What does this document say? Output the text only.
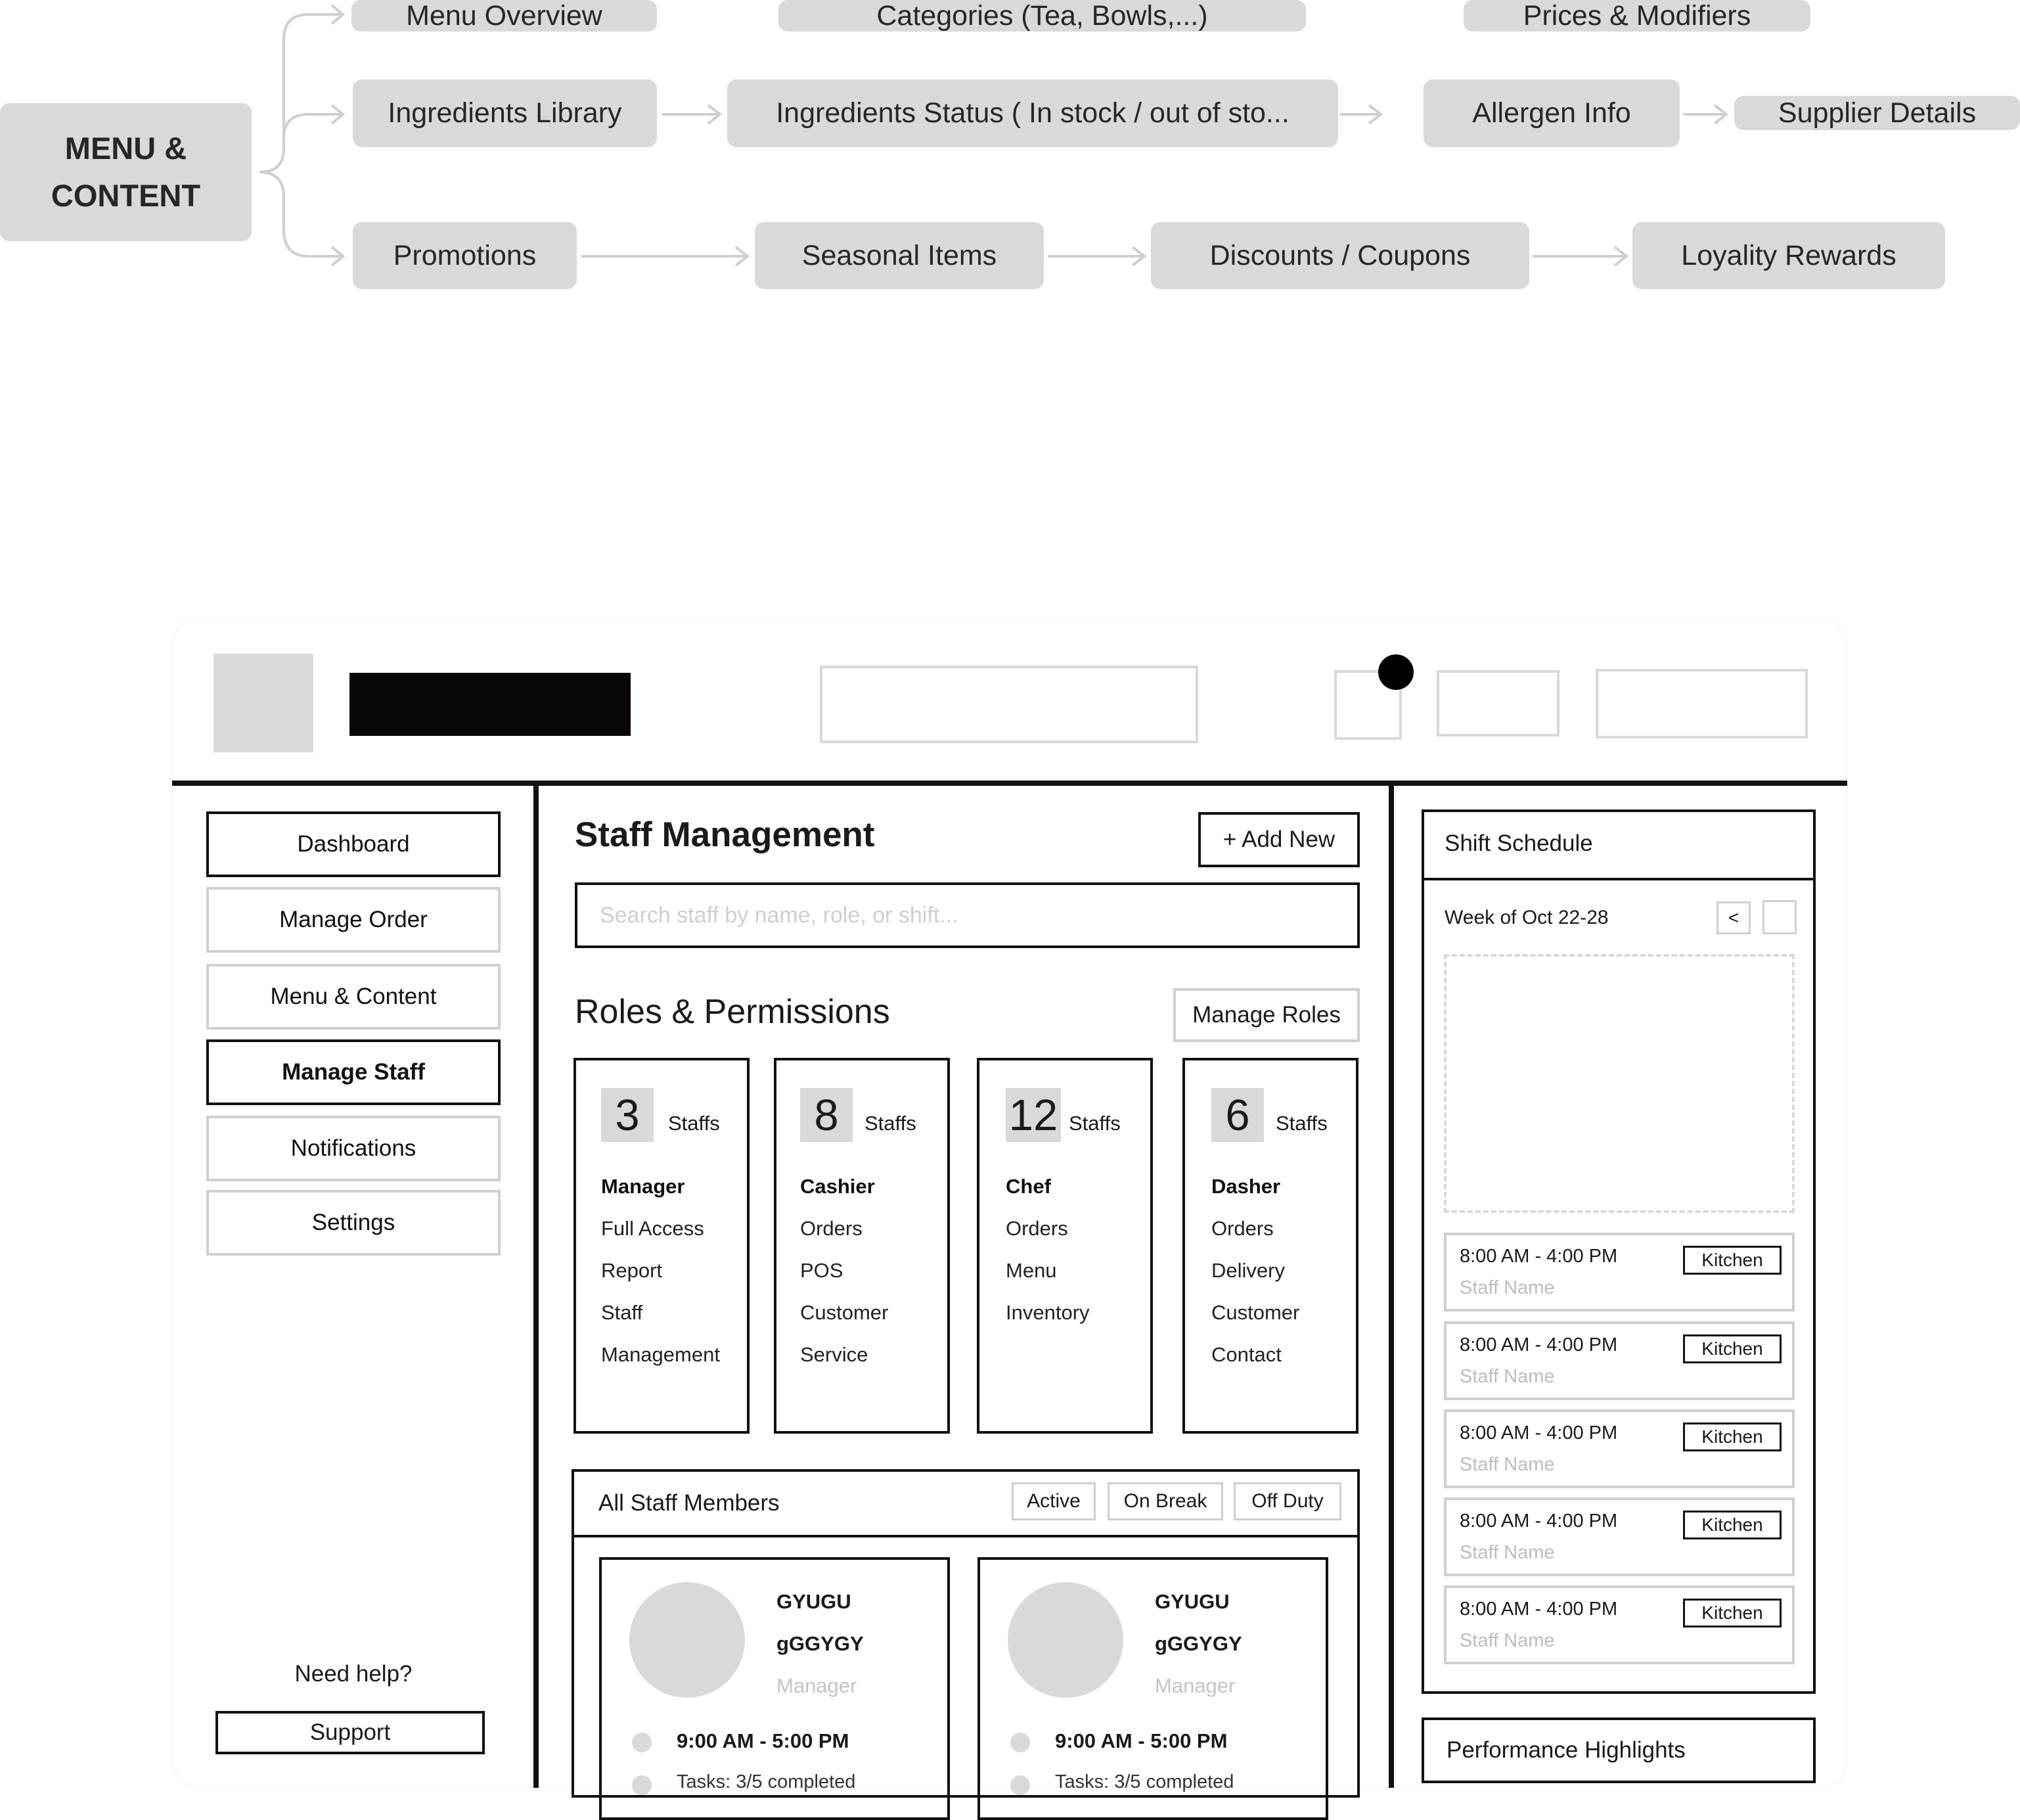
MENU & CONTENT
Menu Overview	Categories (Tea, Bowls,...)	Prices & Modifiers
Ingredients Library	Ingredients Status ( In stock / out of sto...	Allergen Info	Supplier Details
Promotions	Seasonal Items	Discounts / Coupons	Loyality Rewards
Dashboard
Manage Order
Menu & Content
Manage Staff
Notifications
Settings
Need help?
Support
Staff Management	+ Add New
Search staff by name, role, or shift...
Roles & Permissions	Manage Roles
3	Staffs
Manager
Full Access
Report
Staff
Management
8	Staffs
Cashier
Orders
POS
Customer
Service
12 Staffs
Chef
Orders
Menu
Inventory
6	Staffs
Dasher
Orders
Delivery
Customer
Contact
All Staff Members	Active	On Break	Off Duty
GYUGU
gGGYGY
Manager
9:00 AM - 5:00 PM
Tasks: 3/5 completed
GYUGU
gGGYGY
Manager
9:00 AM - 5:00 PM
Tasks: 3/5 completed
Shift Schedule
Week of Oct 22-28	<
8:00 AM - 4:00 PM
Staff Name
Kitchen
8:00 AM - 4:00 PM
Staff Name
Kitchen
8:00 AM - 4:00 PM
Staff Name
Kitchen
8:00 AM - 4:00 PM
Staff Name
Kitchen
8:00 AM - 4:00 PM
Staff Name
Kitchen
Performance Highlights
